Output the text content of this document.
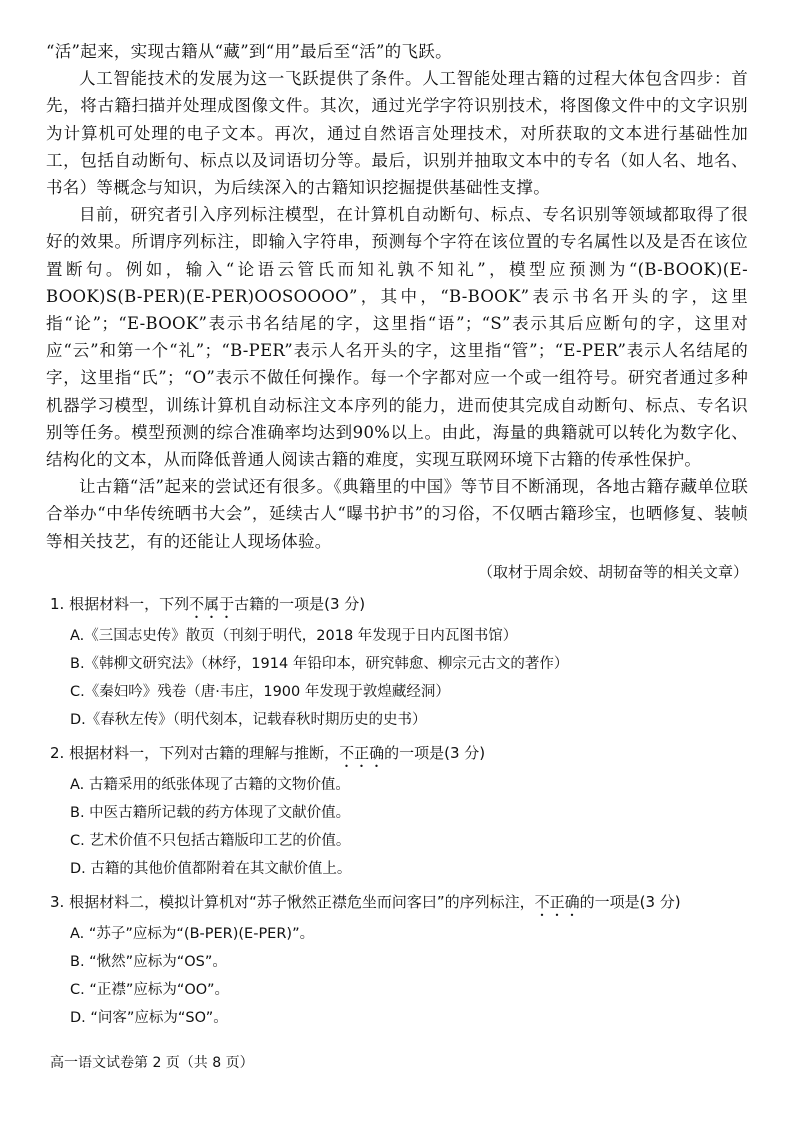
“活”起来，实现古籍从“藏”到“用”最后至“活”的飞跃。

人工智能技术的发展为这一飞跃提供了条件。人工智能处理古籍的过程大体包含四步：首先，将古籍扫描并处理成图像文件。其次，通过光学字符识别技术，将图像文件中的文字识别为计算机可处理的电子文本。再次，通过自然语言处理技术，对所获取的文本进行基础性加工，包括自动断句、标点以及词语切分等。最后，识别并抽取文本中的专名（如人名、地名、书名）等概念与知识，为后续深入的古籍知识挖掘提供基础性支撑。

目前，研究者引入序列标注模型，在计算机自动断句、标点、专名识别等领域都取得了很好的效果。所谓序列标注，即输入字符串，预测每个字符在该位置的专名属性以及是否在该位置断句。例如，输入“论语云管氏而知礼孰不知礼”，模型应预测为“(B-BOOK)(E-BOOK)S(B-PER)(E-PER)OOSOOOO”，其中，“B-BOOK”表示书名开头的字，这里指“论”；“E-BOOK”表示书名结尾的字，这里指“语”；“S”表示其后应断句的字，这里对应“云”和第一个“礼”；“B-PER”表示人名开头的字，这里指“管”；“E-PER”表示人名结尾的字，这里指“氏”；“O”表示不做任何操作。每一个字都对应一个或一组符号。研究者通过多种机器学习模型，训练计算机自动标注文本序列的能力，进而使其完成自动断句、标点、专名识别等任务。模型预测的综合准确率均达到90%以上。由此，海量的典籍就可以转化为数字化、结构化的文本，从而降低普通人阅读古籍的难度，实现互联网环境下古籍的传承性保护。

让古籍“活”起来的尝试还有很多。《典籍里的中国》等节目不断涌现，各地古籍存藏单位联合举办“中华传统晒书大会”，延续古人“曝书护书”的习俗，不仅晒古籍珍宝，也晒修复、装帧等相关技艺，有的还能让人现场体验。

（取材于周余姣、胡韧奋等的相关文章）

1. 根据材料一，下列不属于古籍的一项是(3 分)

A.《三国志史传》散页（刊刻于明代，2018 年发现于日内瓦图书馆）

B.《韩柳文研究法》（林纾，1914 年铅印本，研究韩愈、柳宗元古文的著作）

C.《秦妇吟》残卷（唐·韦庄，1900 年发现于敦煌藏经洞）

D.《春秋左传》（明代刻本，记载春秋时期历史的史书）

2. 根据材料一，下列对古籍的理解与推断，不正确的一项是(3 分)

A. 古籍采用的纸张体现了古籍的文物价值。

B. 中医古籍所记载的药方体现了文献价值。

C. 艺术价值不只包括古籍版印工艺的价值。

D. 古籍的其他价值都附着在其文献价值上。

3. 根据材料二，模拟计算机对“苏子愀然正襟危坐而问客曰”的序列标注，不正确的一项是(3 分)

A. “苏子”应标为“(B-PER)(E-PER)”。

B. “愀然”应标为“OS”。

C. “正襟”应标为“OO”。

D. “问客”应标为“SO”。

高一语文试卷第 2 页（共 8 页）
